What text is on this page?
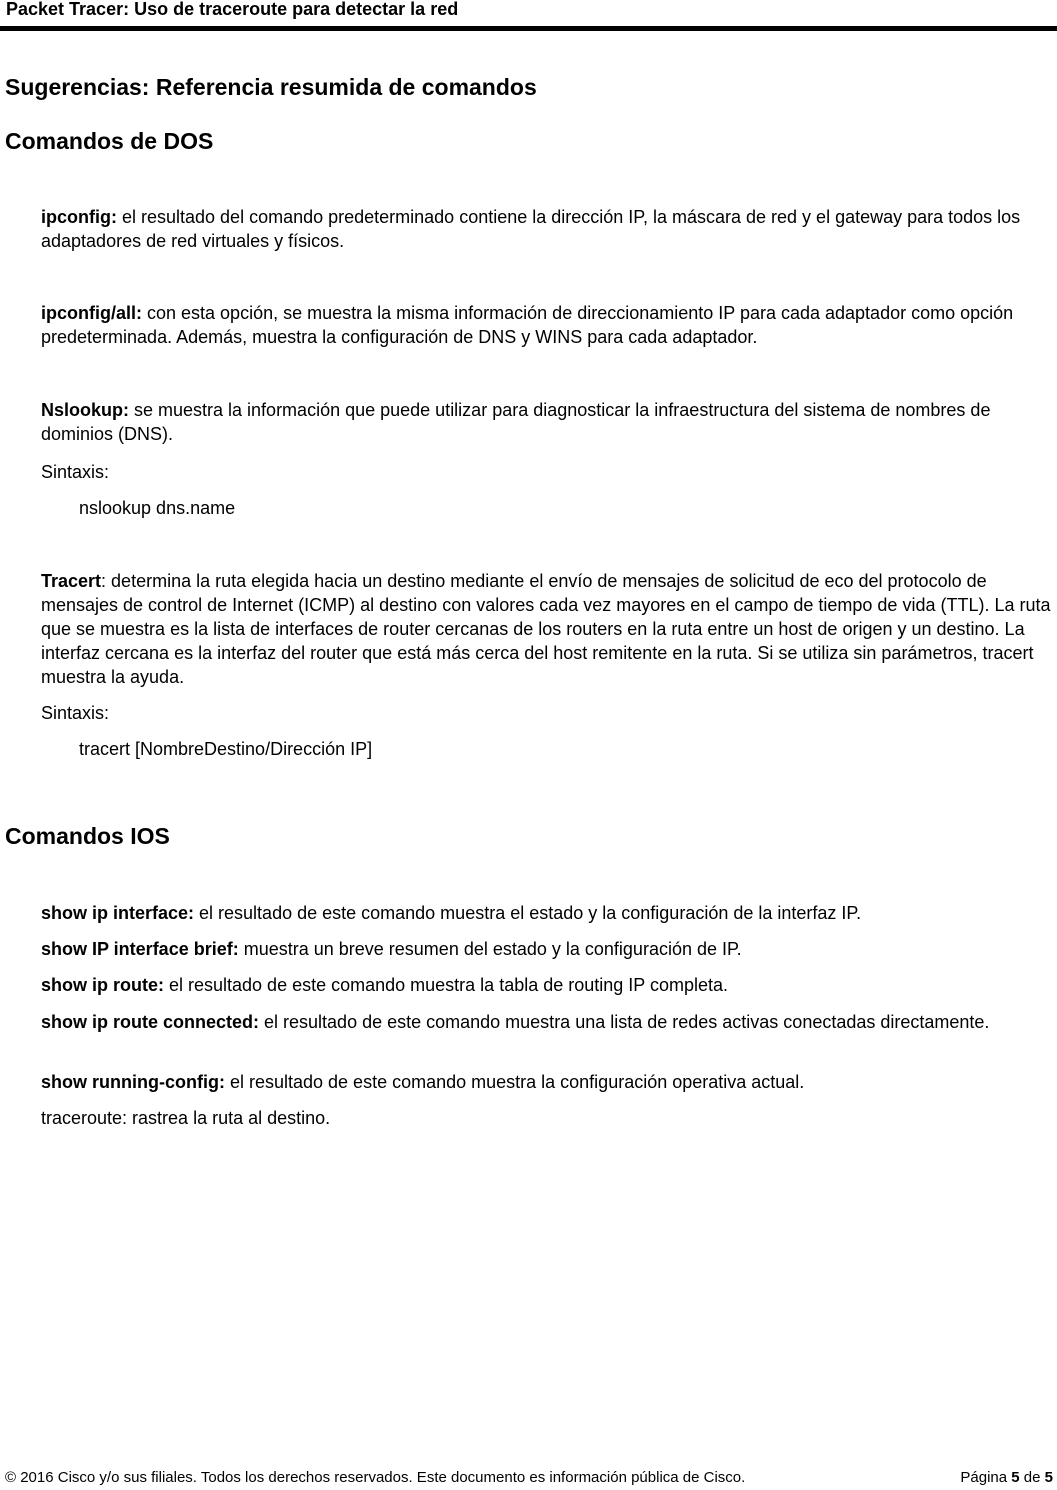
Packet Tracer: Uso de traceroute para detectar la red
Sugerencias: Referencia resumida de comandos
Comandos de DOS
ipconfig: el resultado del comando predeterminado contiene la dirección IP, la máscara de red y el gateway para todos los adaptadores de red virtuales y físicos.
ipconfig/all: con esta opción, se muestra la misma información de direccionamiento IP para cada adaptador como opción predeterminada. Además, muestra la configuración de DNS y WINS para cada adaptador.
Nslookup: se muestra la información que puede utilizar para diagnosticar la infraestructura del sistema de nombres de dominios (DNS).
Sintaxis:
nslookup dns.name
Tracert: determina la ruta elegida hacia un destino mediante el envío de mensajes de solicitud de eco del protocolo de mensajes de control de Internet (ICMP) al destino con valores cada vez mayores en el campo de tiempo de vida (TTL). La ruta que se muestra es la lista de interfaces de router cercanas de los routers en la ruta entre un host de origen y un destino. La interfaz cercana es la interfaz del router que está más cerca del host remitente en la ruta. Si se utiliza sin parámetros, tracert muestra la ayuda.
Sintaxis:
tracert [NombreDestino/Dirección IP]
Comandos IOS
show ip interface: el resultado de este comando muestra el estado y la configuración de la interfaz IP.
show IP interface brief: muestra un breve resumen del estado y la configuración de IP.
show ip route: el resultado de este comando muestra la tabla de routing IP completa.
show ip route connected: el resultado de este comando muestra una lista de redes activas conectadas directamente.
show running-config: el resultado de este comando muestra la configuración operativa actual.
traceroute: rastrea la ruta al destino.
© 2016 Cisco y/o sus filiales. Todos los derechos reservados. Este documento es información pública de Cisco.	Página 5 de 5
